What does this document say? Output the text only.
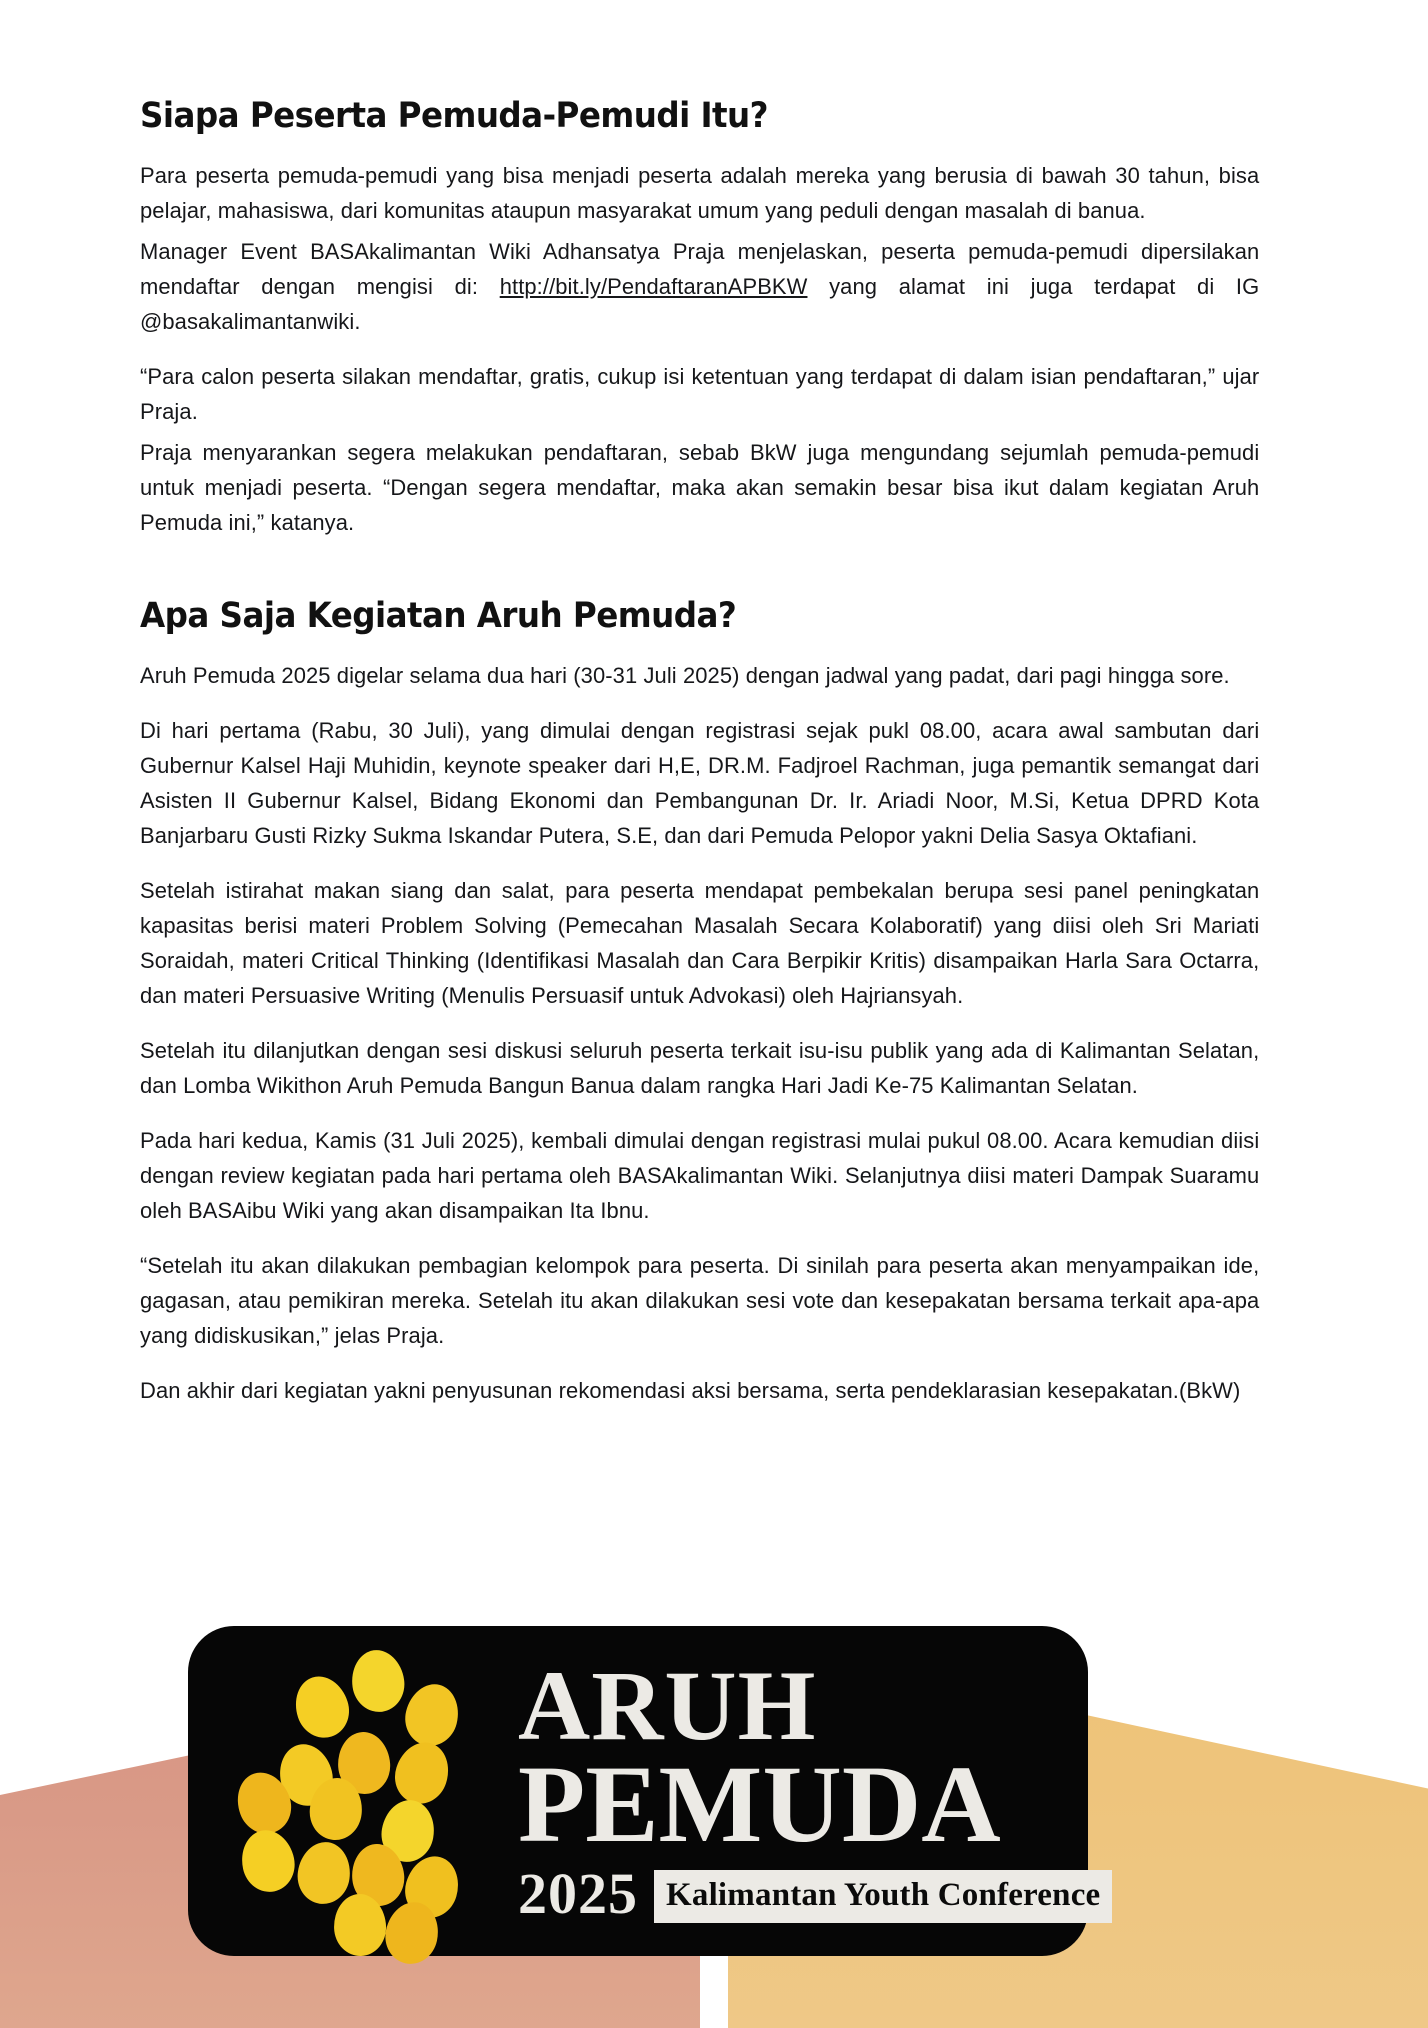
Siapa Peserta Pemuda-Pemudi Itu?

Para peserta pemuda-pemudi yang bisa menjadi peserta adalah mereka yang berusia di bawah 30 tahun, bisa pelajar, mahasiswa, dari komunitas ataupun masyarakat umum yang peduli dengan masalah di banua.

Manager Event BASAkalimantan Wiki Adhansatya Praja menjelaskan, peserta pemuda-pemudi dipersilakan mendaftar dengan mengisi di: http://bit.ly/PendaftaranAPBKW yang alamat ini juga terdapat di IG @basakalimantanwiki.

“Para calon peserta silakan mendaftar, gratis, cukup isi ketentuan yang terdapat di dalam isian pendaftaran,” ujar Praja.

Praja menyarankan segera melakukan pendaftaran, sebab BkW juga mengundang sejumlah pemuda-pemudi untuk menjadi peserta. “Dengan segera mendaftar, maka akan semakin besar bisa ikut dalam kegiatan Aruh Pemuda ini,” katanya.

Apa Saja Kegiatan Aruh Pemuda?

Aruh Pemuda 2025 digelar selama dua hari (30-31 Juli 2025) dengan jadwal yang padat, dari pagi hingga sore.

Di hari pertama (Rabu, 30 Juli), yang dimulai dengan registrasi sejak pukl 08.00, acara awal sambutan dari Gubernur Kalsel Haji Muhidin, keynote speaker dari H,E, DR.M. Fadjroel Rachman, juga pemantik semangat dari Asisten II Gubernur Kalsel, Bidang Ekonomi dan Pembangunan Dr. Ir. Ariadi Noor, M.Si, Ketua DPRD Kota Banjarbaru Gusti Rizky Sukma Iskandar Putera, S.E, dan dari Pemuda Pelopor yakni Delia Sasya Oktafiani.

Setelah istirahat makan siang dan salat, para peserta mendapat pembekalan berupa sesi panel peningkatan kapasitas berisi materi Problem Solving (Pemecahan Masalah Secara Kolaboratif) yang diisi oleh Sri Mariati Soraidah, materi Critical Thinking (Identifikasi Masalah dan Cara Berpikir Kritis) disampaikan Harla Sara Octarra, dan materi Persuasive Writing (Menulis Persuasif untuk Advokasi) oleh Hajriansyah.

Setelah itu dilanjutkan dengan sesi diskusi seluruh peserta terkait isu-isu publik yang ada di Kalimantan Selatan, dan Lomba Wikithon Aruh Pemuda Bangun Banua dalam rangka Hari Jadi Ke-75 Kalimantan Selatan.

Pada hari kedua, Kamis (31 Juli 2025), kembali dimulai dengan registrasi mulai pukul 08.00. Acara kemudian diisi dengan review kegiatan pada hari pertama oleh BASAkalimantan Wiki. Selanjutnya diisi materi Dampak Suaramu oleh BASAibu Wiki yang akan disampaikan Ita Ibnu.

“Setelah itu akan dilakukan pembagian kelompok para peserta. Di sinilah para peserta akan menyampaikan ide, gagasan, atau pemikiran mereka. Setelah itu akan dilakukan sesi vote dan kesepakatan bersama terkait apa-apa yang didiskusikan,” jelas Praja.

Dan akhir dari kegiatan yakni penyusunan rekomendasi aksi bersama, serta pendeklarasian kesepakatan.(BkW)

ARUH
PEMUDA
2025 Kalimantan Youth Conference
